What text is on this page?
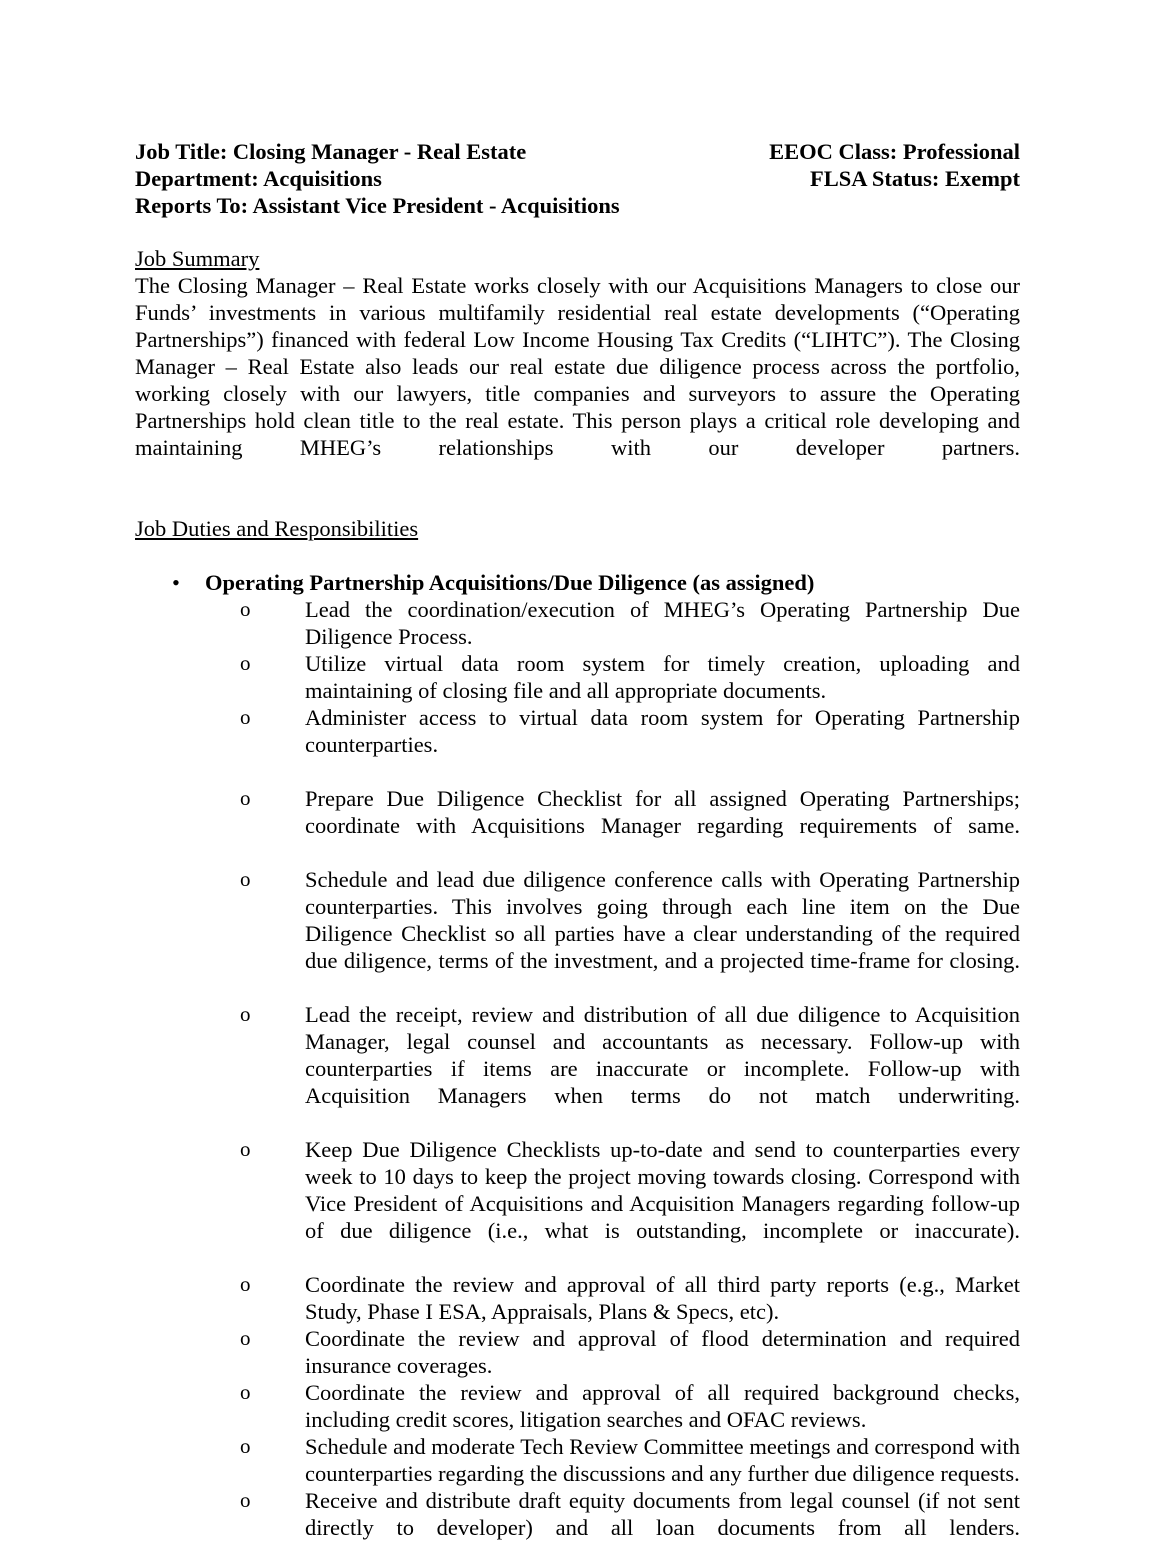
Job Title: Closing Manager - Real Estate	EEOC Class: Professional
Department: Acquisitions	FLSA Status: Exempt
Reports To: Assistant Vice President - Acquisitions
Job Summary

The Closing Manager – Real Estate works closely with our Acquisitions Managers to close our Funds’ investments in various multifamily residential real estate developments (“Operating Partnerships”) financed with federal Low Income Housing Tax Credits (“LIHTC”). The Closing Manager – Real Estate also leads our real estate due diligence process across the portfolio, working closely with our lawyers, title companies and surveyors to assure the Operating Partnerships hold clean title to the real estate. This person plays a critical role developing and maintaining MHEG’s relationships with our developer partners.

Job Duties and Responsibilities
• Operating Partnership Acquisitions/Due Diligence (as assigned)
o Lead the coordination/execution of MHEG’s Operating Partnership Due Diligence Process.
o Utilize virtual data room system for timely creation, uploading and maintaining of closing file and all appropriate documents.
o Administer access to virtual data room system for Operating Partnership counterparties.
o Prepare Due Diligence Checklist for all assigned Operating Partnerships; coordinate with Acquisitions Manager regarding requirements of same.
o Schedule and lead due diligence conference calls with Operating Partnership counterparties. This involves going through each line item on the Due Diligence Checklist so all parties have a clear understanding of the required due diligence, terms of the investment, and a projected time-frame for closing.
o Lead the receipt, review and distribution of all due diligence to Acquisition Manager, legal counsel and accountants as necessary. Follow-up with counterparties if items are inaccurate or incomplete. Follow-up with Acquisition Managers when terms do not match underwriting.
o Keep Due Diligence Checklists up-to-date and send to counterparties every week to 10 days to keep the project moving towards closing. Correspond with Vice President of Acquisitions and Acquisition Managers regarding follow-up of due diligence (i.e., what is outstanding, incomplete or inaccurate).
o Coordinate the review and approval of all third party reports (e.g., Market Study, Phase I ESA, Appraisals, Plans & Specs, etc).
o Coordinate the review and approval of flood determination and required insurance coverages.
o Coordinate the review and approval of all required background checks, including credit scores, litigation searches and OFAC reviews.
o Schedule and moderate Tech Review Committee meetings and correspond with counterparties regarding the discussions and any further due diligence requests.
o Receive and distribute draft equity documents from legal counsel (if not sent directly to developer) and all loan documents from all lenders.
